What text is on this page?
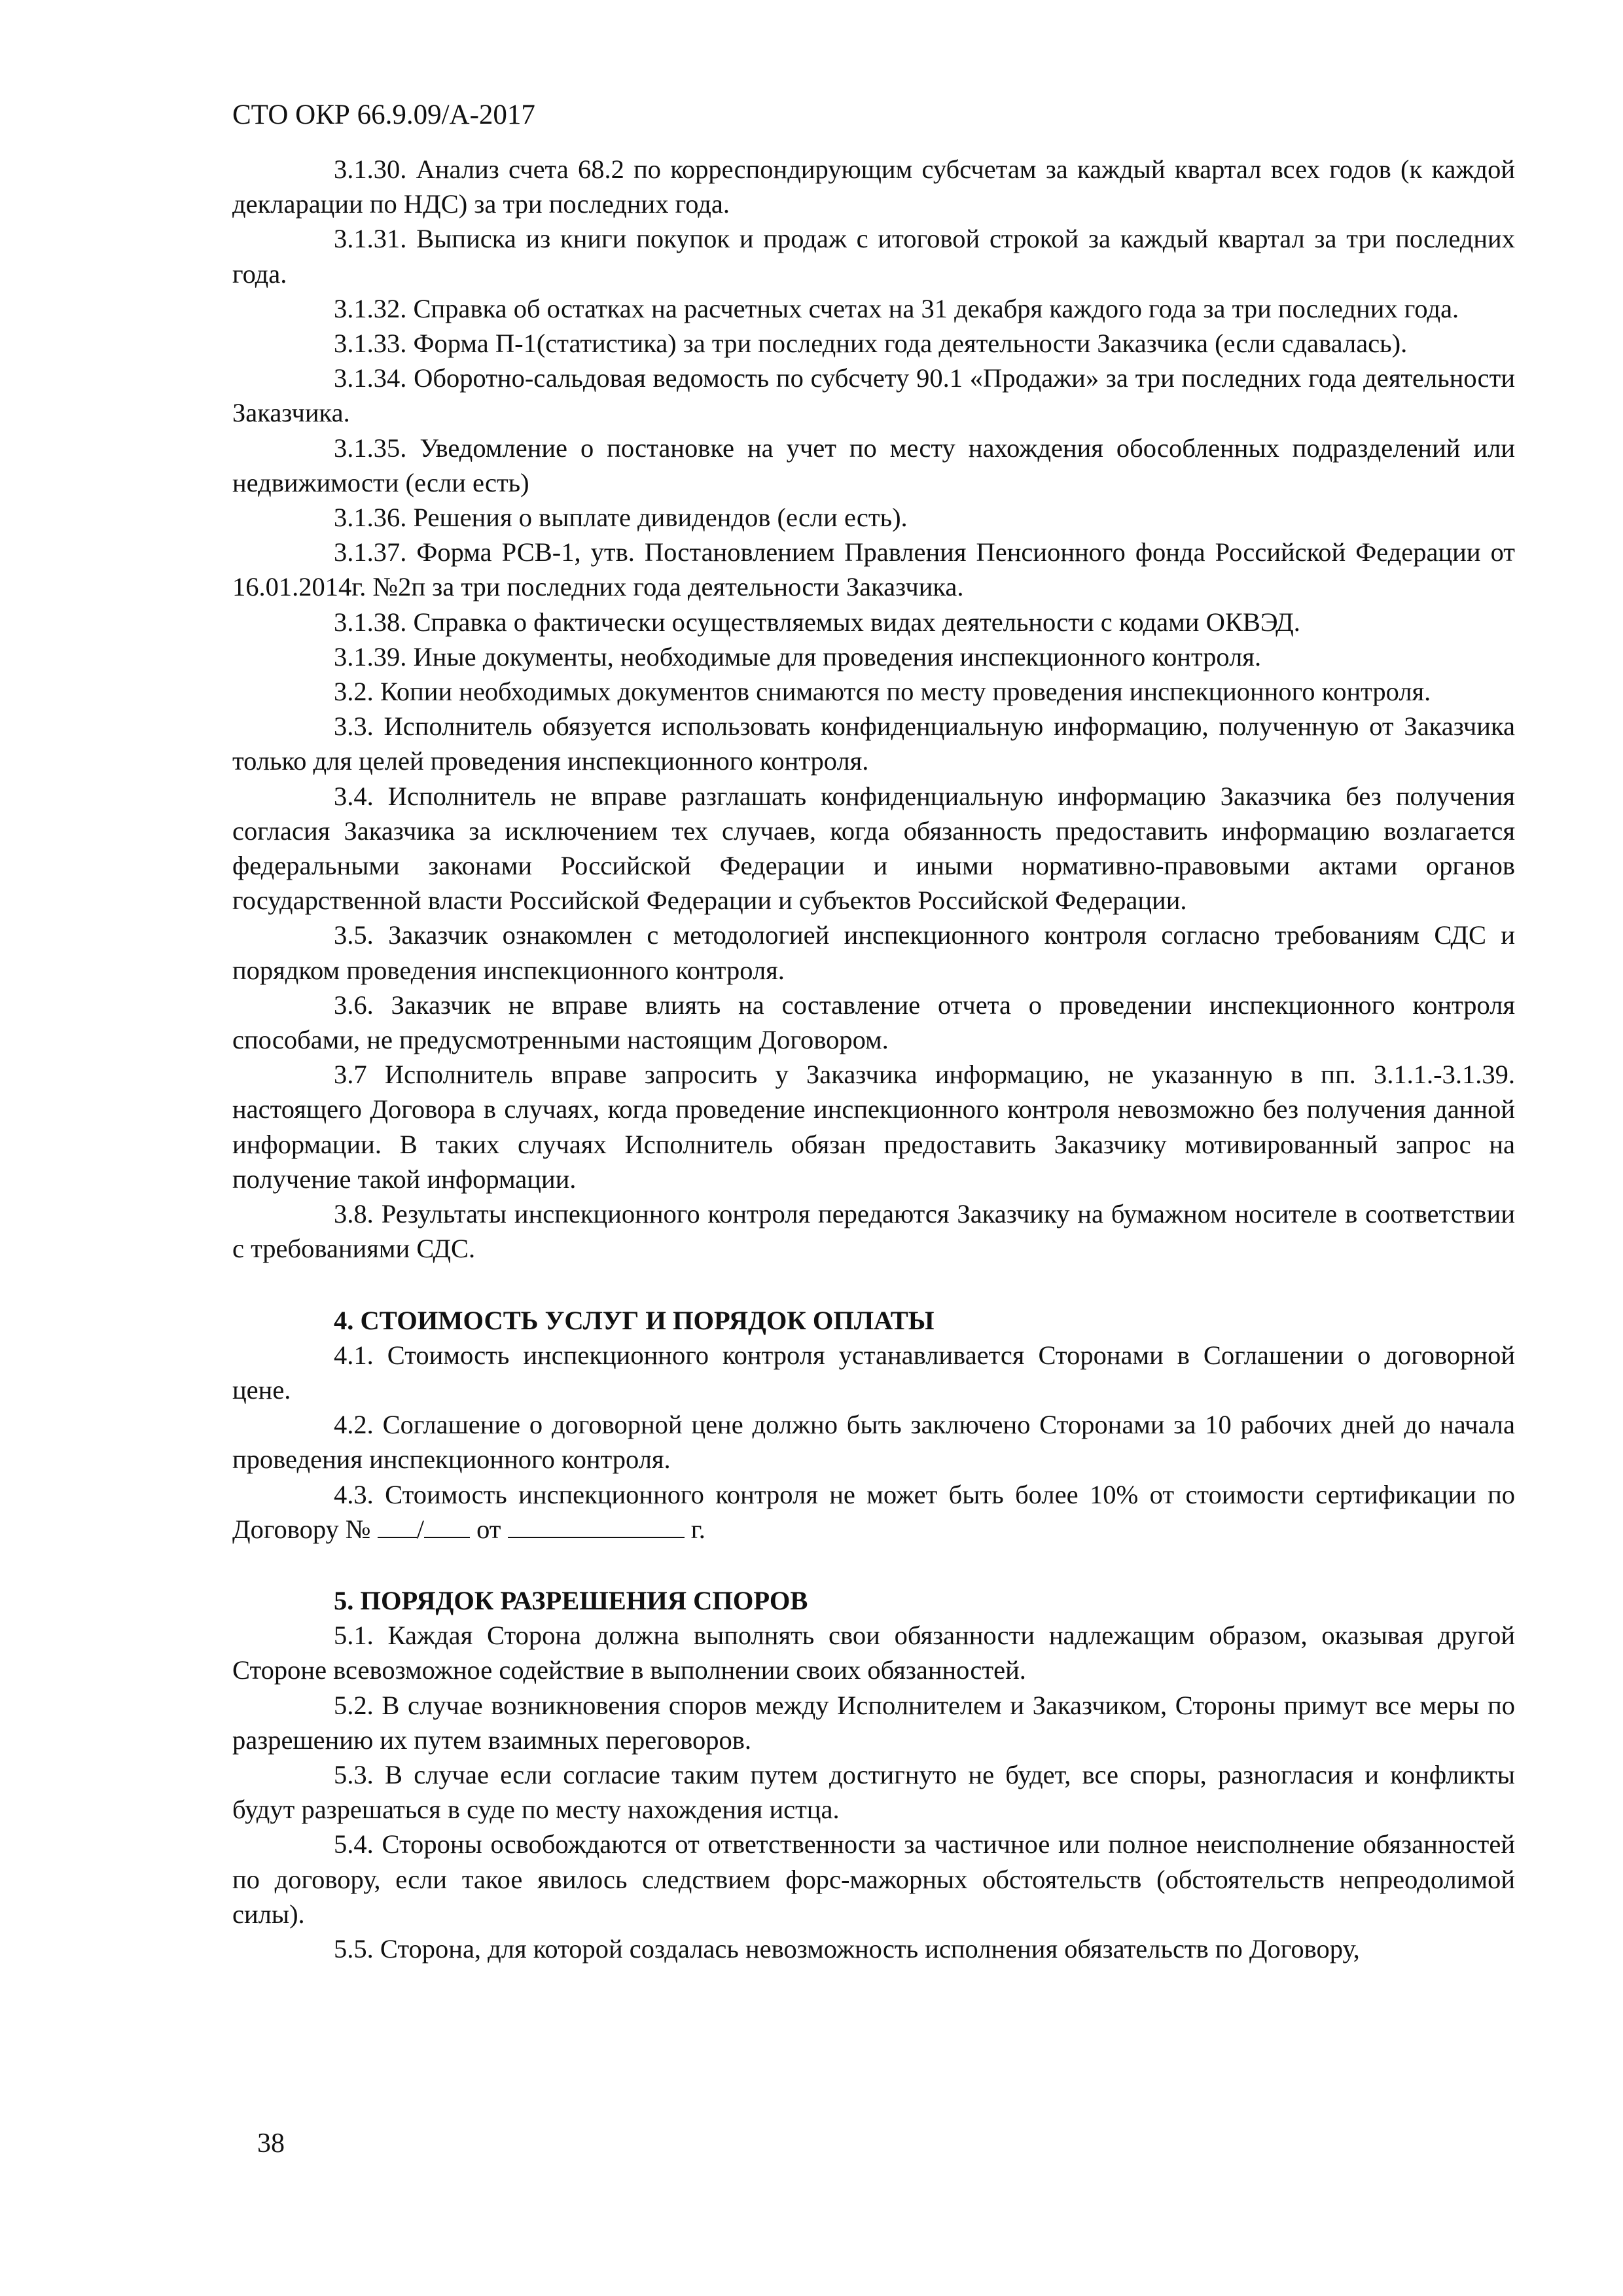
СТО ОКР 66.9.09/А-2017

3.1.30. Анализ счета 68.2 по корреспондирующим субсчетам за каждый квартал всех годов (к каждой декларации по НДС) за три последних года.

3.1.31. Выписка из книги покупок и продаж с итоговой строкой за каждый квартал за три последних года.

3.1.32. Справка об остатках на расчетных счетах на 31 декабря каждого года за три последних года.

3.1.33. Форма П-1(статистика) за три последних года деятельности Заказчика (если сдавалась).

3.1.34. Оборотно-сальдовая ведомость по субсчету 90.1 «Продажи» за три последних года деятельности Заказчика.

3.1.35. Уведомление о постановке на учет по месту нахождения обособленных подразделений или недвижимости (если есть)

3.1.36. Решения о выплате дивидендов (если есть).

3.1.37. Форма РСВ-1, утв. Постановлением Правления Пенсионного фонда Российской Федерации от 16.01.2014г. №2п за три последних года деятельности Заказчика.

3.1.38. Справка о фактически осуществляемых видах деятельности с кодами ОКВЭД.

3.1.39. Иные документы, необходимые для проведения инспекционного контроля.

3.2. Копии необходимых документов снимаются по месту проведения инспекционного контроля.

3.3. Исполнитель обязуется использовать конфиденциальную информацию, полученную от Заказчика только для целей проведения инспекционного контроля.

3.4. Исполнитель не вправе разглашать конфиденциальную информацию Заказчика без получения согласия Заказчика за исключением тех случаев, когда обязанность предоставить информацию возлагается федеральными законами Российской Федерации и иными нормативно-правовыми актами органов государственной власти Российской Федерации и субъектов Российской Федерации.

3.5. Заказчик ознакомлен с методологией инспекционного контроля согласно требованиям СДС и порядком проведения инспекционного контроля.

3.6. Заказчик не вправе влиять на составление отчета о проведении инспекционного контроля способами, не предусмотренными настоящим Договором.

3.7 Исполнитель вправе запросить у Заказчика информацию, не указанную в пп. 3.1.1.-3.1.39. настоящего Договора в случаях, когда проведение инспекционного контроля невозможно без получения данной информации. В таких случаях Исполнитель обязан предоставить Заказчику мотивированный запрос на получение такой информации.

3.8. Результаты инспекционного контроля передаются Заказчику на бумажном носителе в соответствии с требованиями СДС.

4. СТОИМОСТЬ УСЛУГ И ПОРЯДОК ОПЛАТЫ

4.1. Стоимость инспекционного контроля устанавливается Сторонами в Соглашении о договорной цене.

4.2. Соглашение о договорной цене должно быть заключено Сторонами за 10 рабочих дней до начала проведения инспекционного контроля.

4.3. Стоимость инспекционного контроля не может быть более 10% от стоимости сертификации по Договору № / от	г.

5. ПОРЯДОК РАЗРЕШЕНИЯ СПОРОВ

5.1. Каждая Сторона должна выполнять свои обязанности надлежащим образом, оказывая другой Стороне всевозможное содействие в выполнении своих обязанностей.

5.2. В случае возникновения споров между Исполнителем и Заказчиком, Стороны примут все меры по разрешению их путем взаимных переговоров.

5.3. В случае если согласие таким путем достигнуто не будет, все споры, разногласия и конфликты будут разрешаться в суде по месту нахождения истца.

5.4. Стороны освобождаются от ответственности за частичное или полное неисполнение обязанностей по договору, если такое явилось следствием форс-мажорных обстоятельств (обстоятельств непреодолимой силы).

5.5. Сторона, для которой создалась невозможность исполнения обязательств по Договору,

38
